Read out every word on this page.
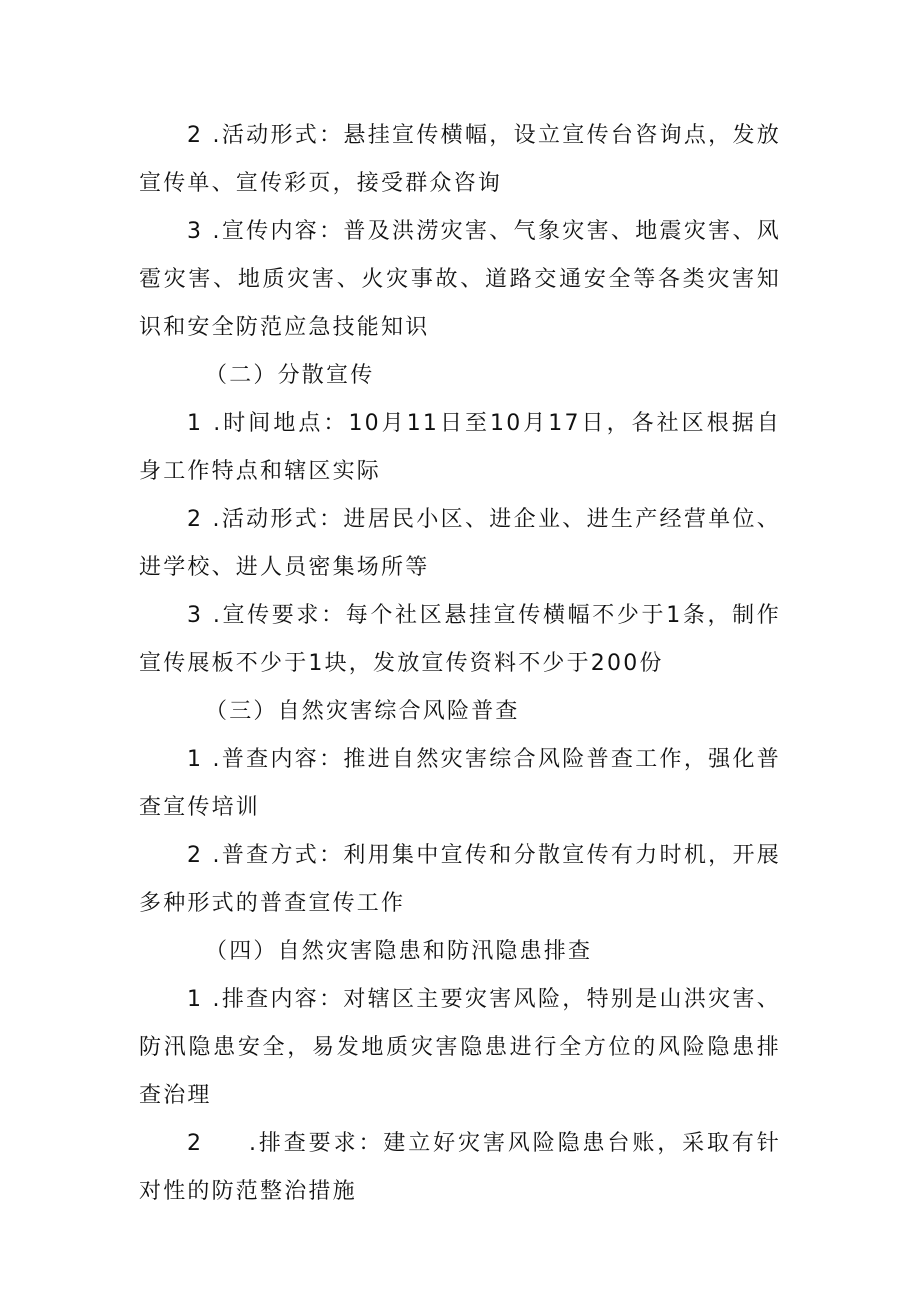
2 .活动形式：悬挂宣传横幅，设立宣传台咨询点，发放宣传单、宣传彩页，接受群众咨询

3 .宣传内容：普及洪涝灾害、气象灾害、地震灾害、风雹灾害、地质灾害、火灾事故、道路交通安全等各类灾害知识和安全防范应急技能知识

（二）分散宣传

1 .时间地点：10月11日至10月17日，各社区根据自身工作特点和辖区实际

2 .活动形式：进居民小区、进企业、进生产经营单位、进学校、进人员密集场所等

3 .宣传要求：每个社区悬挂宣传横幅不少于1条，制作宣传展板不少于1块，发放宣传资料不少于200份

（三）自然灾害综合风险普查

1 .普查内容：推进自然灾害综合风险普查工作，强化普查宣传培训

2 .普查方式：利用集中宣传和分散宣传有力时机，开展多种形式的普查宣传工作

（四）自然灾害隐患和防汛隐患排查

1 .排查内容：对辖区主要灾害风险，特别是山洪灾害、防汛隐患安全，易发地质灾害隐患进行全方位的风险隐患排查治理

2 .排查要求：建立好灾害风险隐患台账，采取有针对性的防范整治措施
